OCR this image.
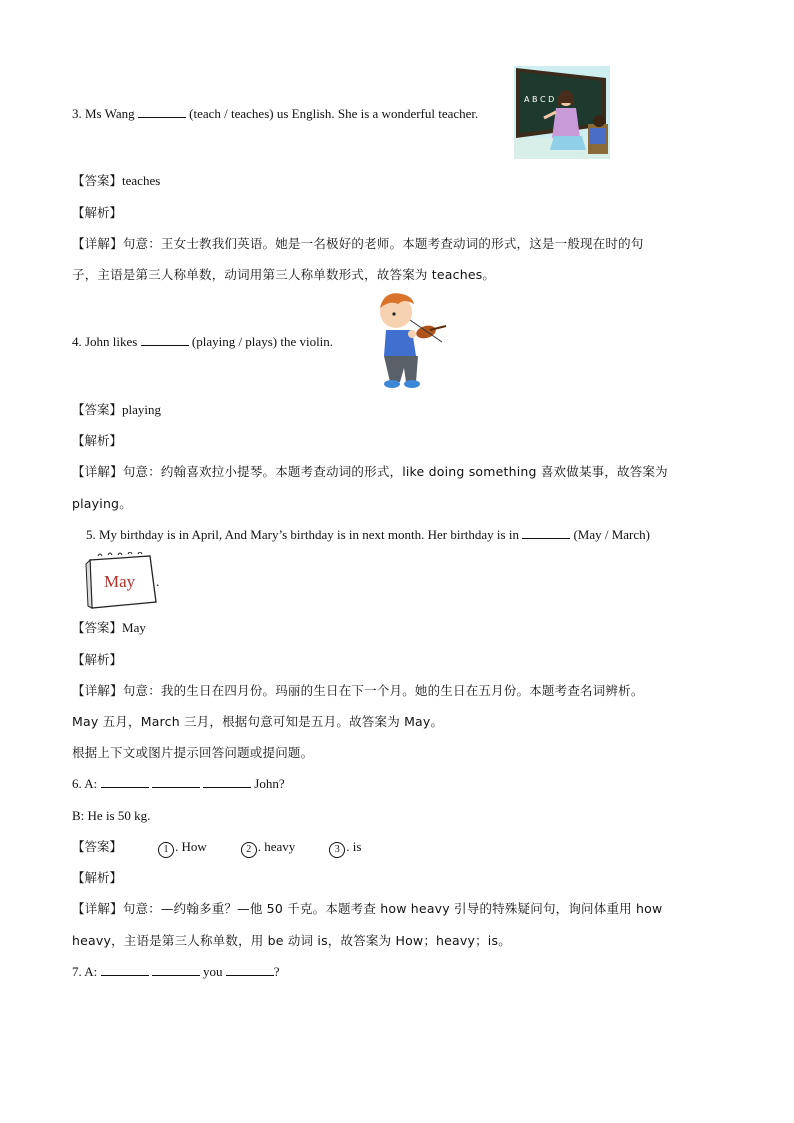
3. Ms Wang	(teach / teaches) us English. She is a wonderful teacher.
A B C D
【答案】teaches
【解析】
【详解】句意：王女士教我们英语。她是一名极好的老师。本题考查动词的形式，这是一般现在时的句
子，主语是第三人称单数，动词用第三人称单数形式，故答案为 teaches。
4. John likes	(playing / plays) the violin.
【答案】playing
【解析】
【详解】句意：约翰喜欢拉小提琴。本题考查动词的形式，like doing something 喜欢做某事，故答案为
playing。
5. My birthday is in April, And Mary’s birthday is in next month. Her birthday is in	(May / March)
May .
【答案】May
【解析】
【详解】句意：我的生日在四月份。玛丽的生日在下一个月。她的生日在五月份。本题考查名词辨析。
May 五月，March 三月，根据句意可知是五月。故答案为 May。
根据上下文或图片提示回答问题或提问题。
6. A:	John?
B: He is 50 kg.
【答案】	1 . How	2 . heavy	3 . is
【解析】
【详解】句意：—约翰多重？—他 50 千克。本题考查 how heavy 引导的特殊疑问句，询问体重用 how
heavy，主语是第三人称单数，用 be 动词 is，故答案为 How；heavy；is。
7. A:	you	?
